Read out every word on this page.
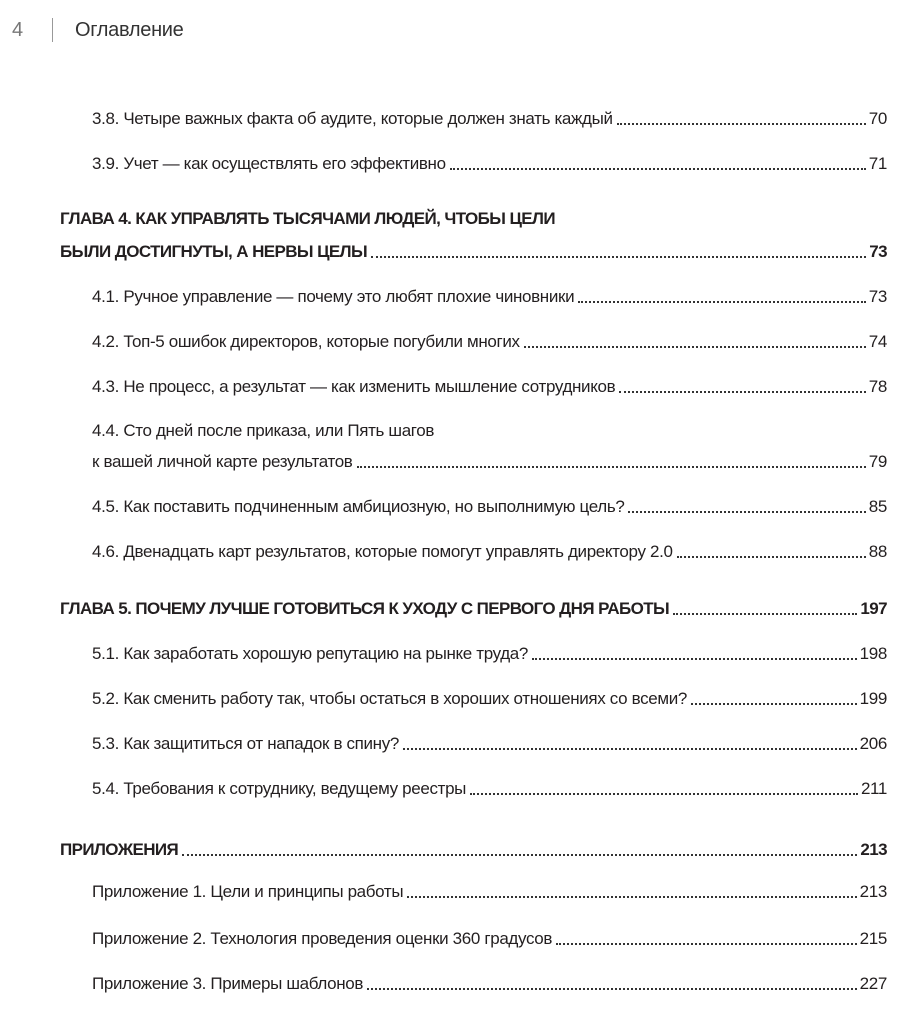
4	Оглавление
3.8. Четыре важных факта об аудите, которые должен знать каждый	70
3.9. Учет — как осуществлять его эффективно	71
ГЛАВА 4. КАК УПРАВЛЯТЬ ТЫСЯЧАМИ ЛЮДЕЙ, ЧТОБЫ ЦЕЛИ
БЫЛИ ДОСТИГНУТЫ, А НЕРВЫ ЦЕЛЫ	73
4.1. Ручное управление — почему это любят плохие чиновники	73
4.2. Топ-5 ошибок директоров, которые погубили многих	74
4.3. Не процесс, а результат — как изменить мышление сотрудников	78
4.4. Сто дней после приказа, или Пять шагов
к вашей личной карте результатов	79
4.5. Как поставить подчиненным амбициозную, но выполнимую цель?	85
4.6. Двенадцать карт результатов, которые помогут управлять директору 2.0	88
ГЛАВА 5. ПОЧЕМУ ЛУЧШЕ ГОТОВИТЬСЯ К УХОДУ С ПЕРВОГО ДНЯ РАБОТЫ	197
5.1. Как заработать хорошую репутацию на рынке труда?	198
5.2. Как сменить работу так, чтобы остаться в хороших отношениях со всеми?	199
5.3. Как защититься от нападок в спину?	206
5.4. Требования к сотруднику, ведущему реестры	211
ПРИЛОЖЕНИЯ	213
Приложение 1. Цели и принципы работы	213
Приложение 2. Технология проведения оценки 360 градусов	215
Приложение 3. Примеры шаблонов	227
